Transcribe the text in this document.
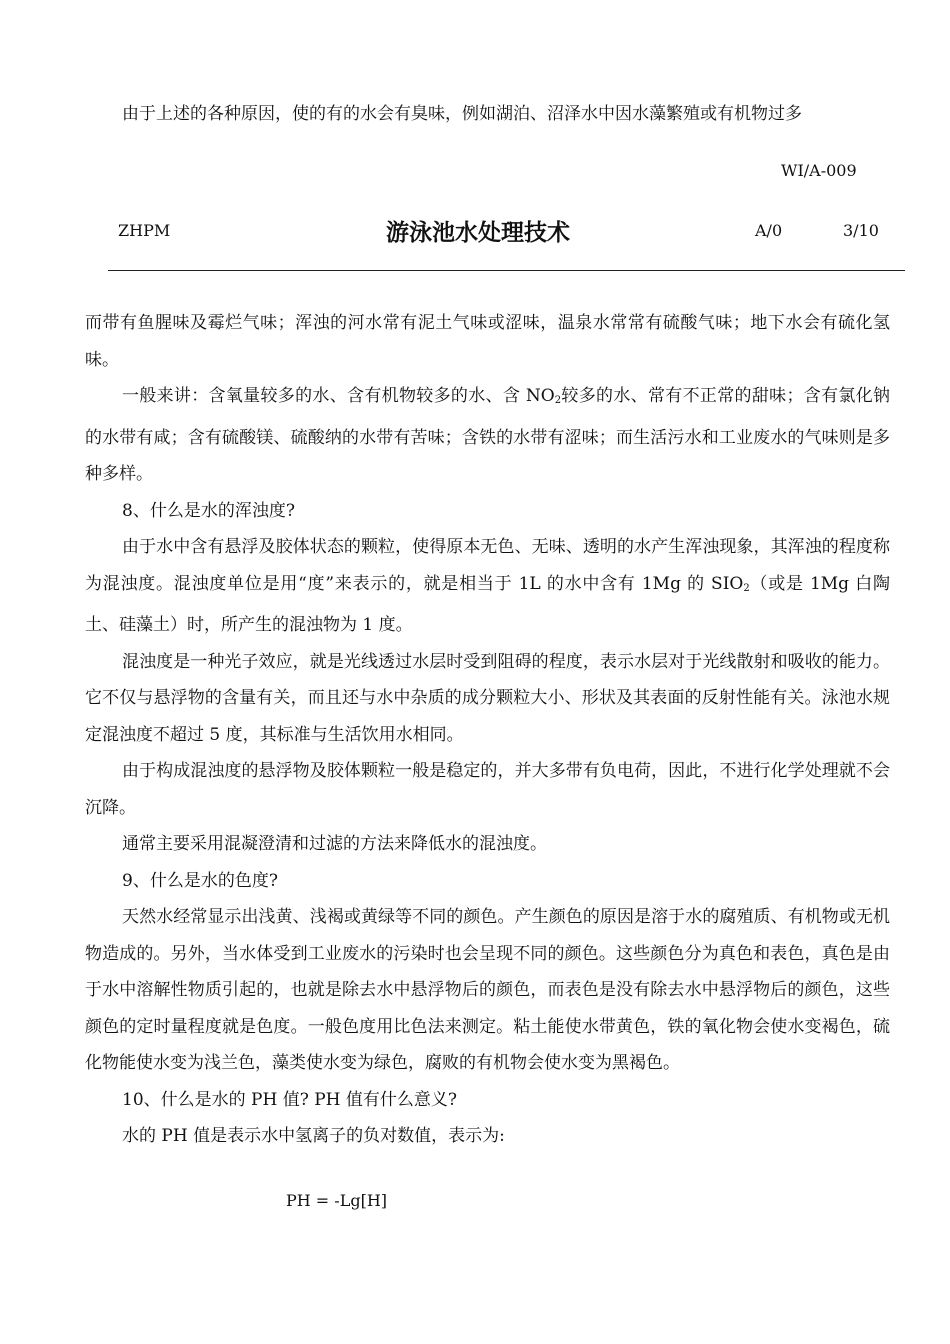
由于上述的各种原因，使的有的水会有臭味，例如湖泊、沼泽水中因水藻繁殖或有机物过多
WI/A-009
ZHPM	游泳池水处理技术	A/0	3/10

而带有鱼腥味及霉烂气味；浑浊的河水常有泥土气味或涩味，温泉水常常有硫酸气味；地下水会有硫化氢味。

一般来讲：含氧量较多的水、含有机物较多的水、含 $NO_2$较多的水、常有不正常的甜味；含有氯化钠的水带有咸；含有硫酸镁、硫酸纳的水带有苦味；含铁的水带有涩味；而生活污水和工业废水的气味则是多种多样。

8、什么是水的浑浊度?

由于水中含有悬浮及胶体状态的颗粒，使得原本无色、无味、透明的水产生浑浊现象，其浑浊的程度称为混浊度。混浊度单位是用“度”来表示的，就是相当于 1L 的水中含有 1Mg 的 $SIO_2$（或是 1Mg 白陶土、硅藻土）时，所产生的混浊物为 1 度。

混浊度是一种光子效应，就是光线透过水层时受到阻碍的程度，表示水层对于光线散射和吸收的能力。它不仅与悬浮物的含量有关，而且还与水中杂质的成分颗粒大小、形状及其表面的反射性能有关。泳池水规定混浊度不超过 5 度，其标准与生活饮用水相同。

由于构成混浊度的悬浮物及胶体颗粒一般是稳定的，并大多带有负电荷，因此，不进行化学处理就不会沉降。

通常主要采用混凝澄清和过滤的方法来降低水的混浊度。

9、什么是水的色度?

天然水经常显示出浅黄、浅褐或黄绿等不同的颜色。产生颜色的原因是溶于水的腐殖质、有机物或无机物造成的。另外，当水体受到工业废水的污染时也会呈现不同的颜色。这些颜色分为真色和表色，真色是由于水中溶解性物质引起的，也就是除去水中悬浮物后的颜色，而表色是没有除去水中悬浮物后的颜色，这些颜色的定时量程度就是色度。一般色度用比色法来测定。粘土能使水带黄色，铁的氧化物会使水变褐色，硫化物能使水变为浅兰色，藻类使水变为绿色，腐败的有机物会使水变为黑褐色。

10、什么是水的 PH 值? PH 值有什么意义?

水的 PH 值是表示水中氢离子的负对数值，表示为:

PH = -Lg[H]
